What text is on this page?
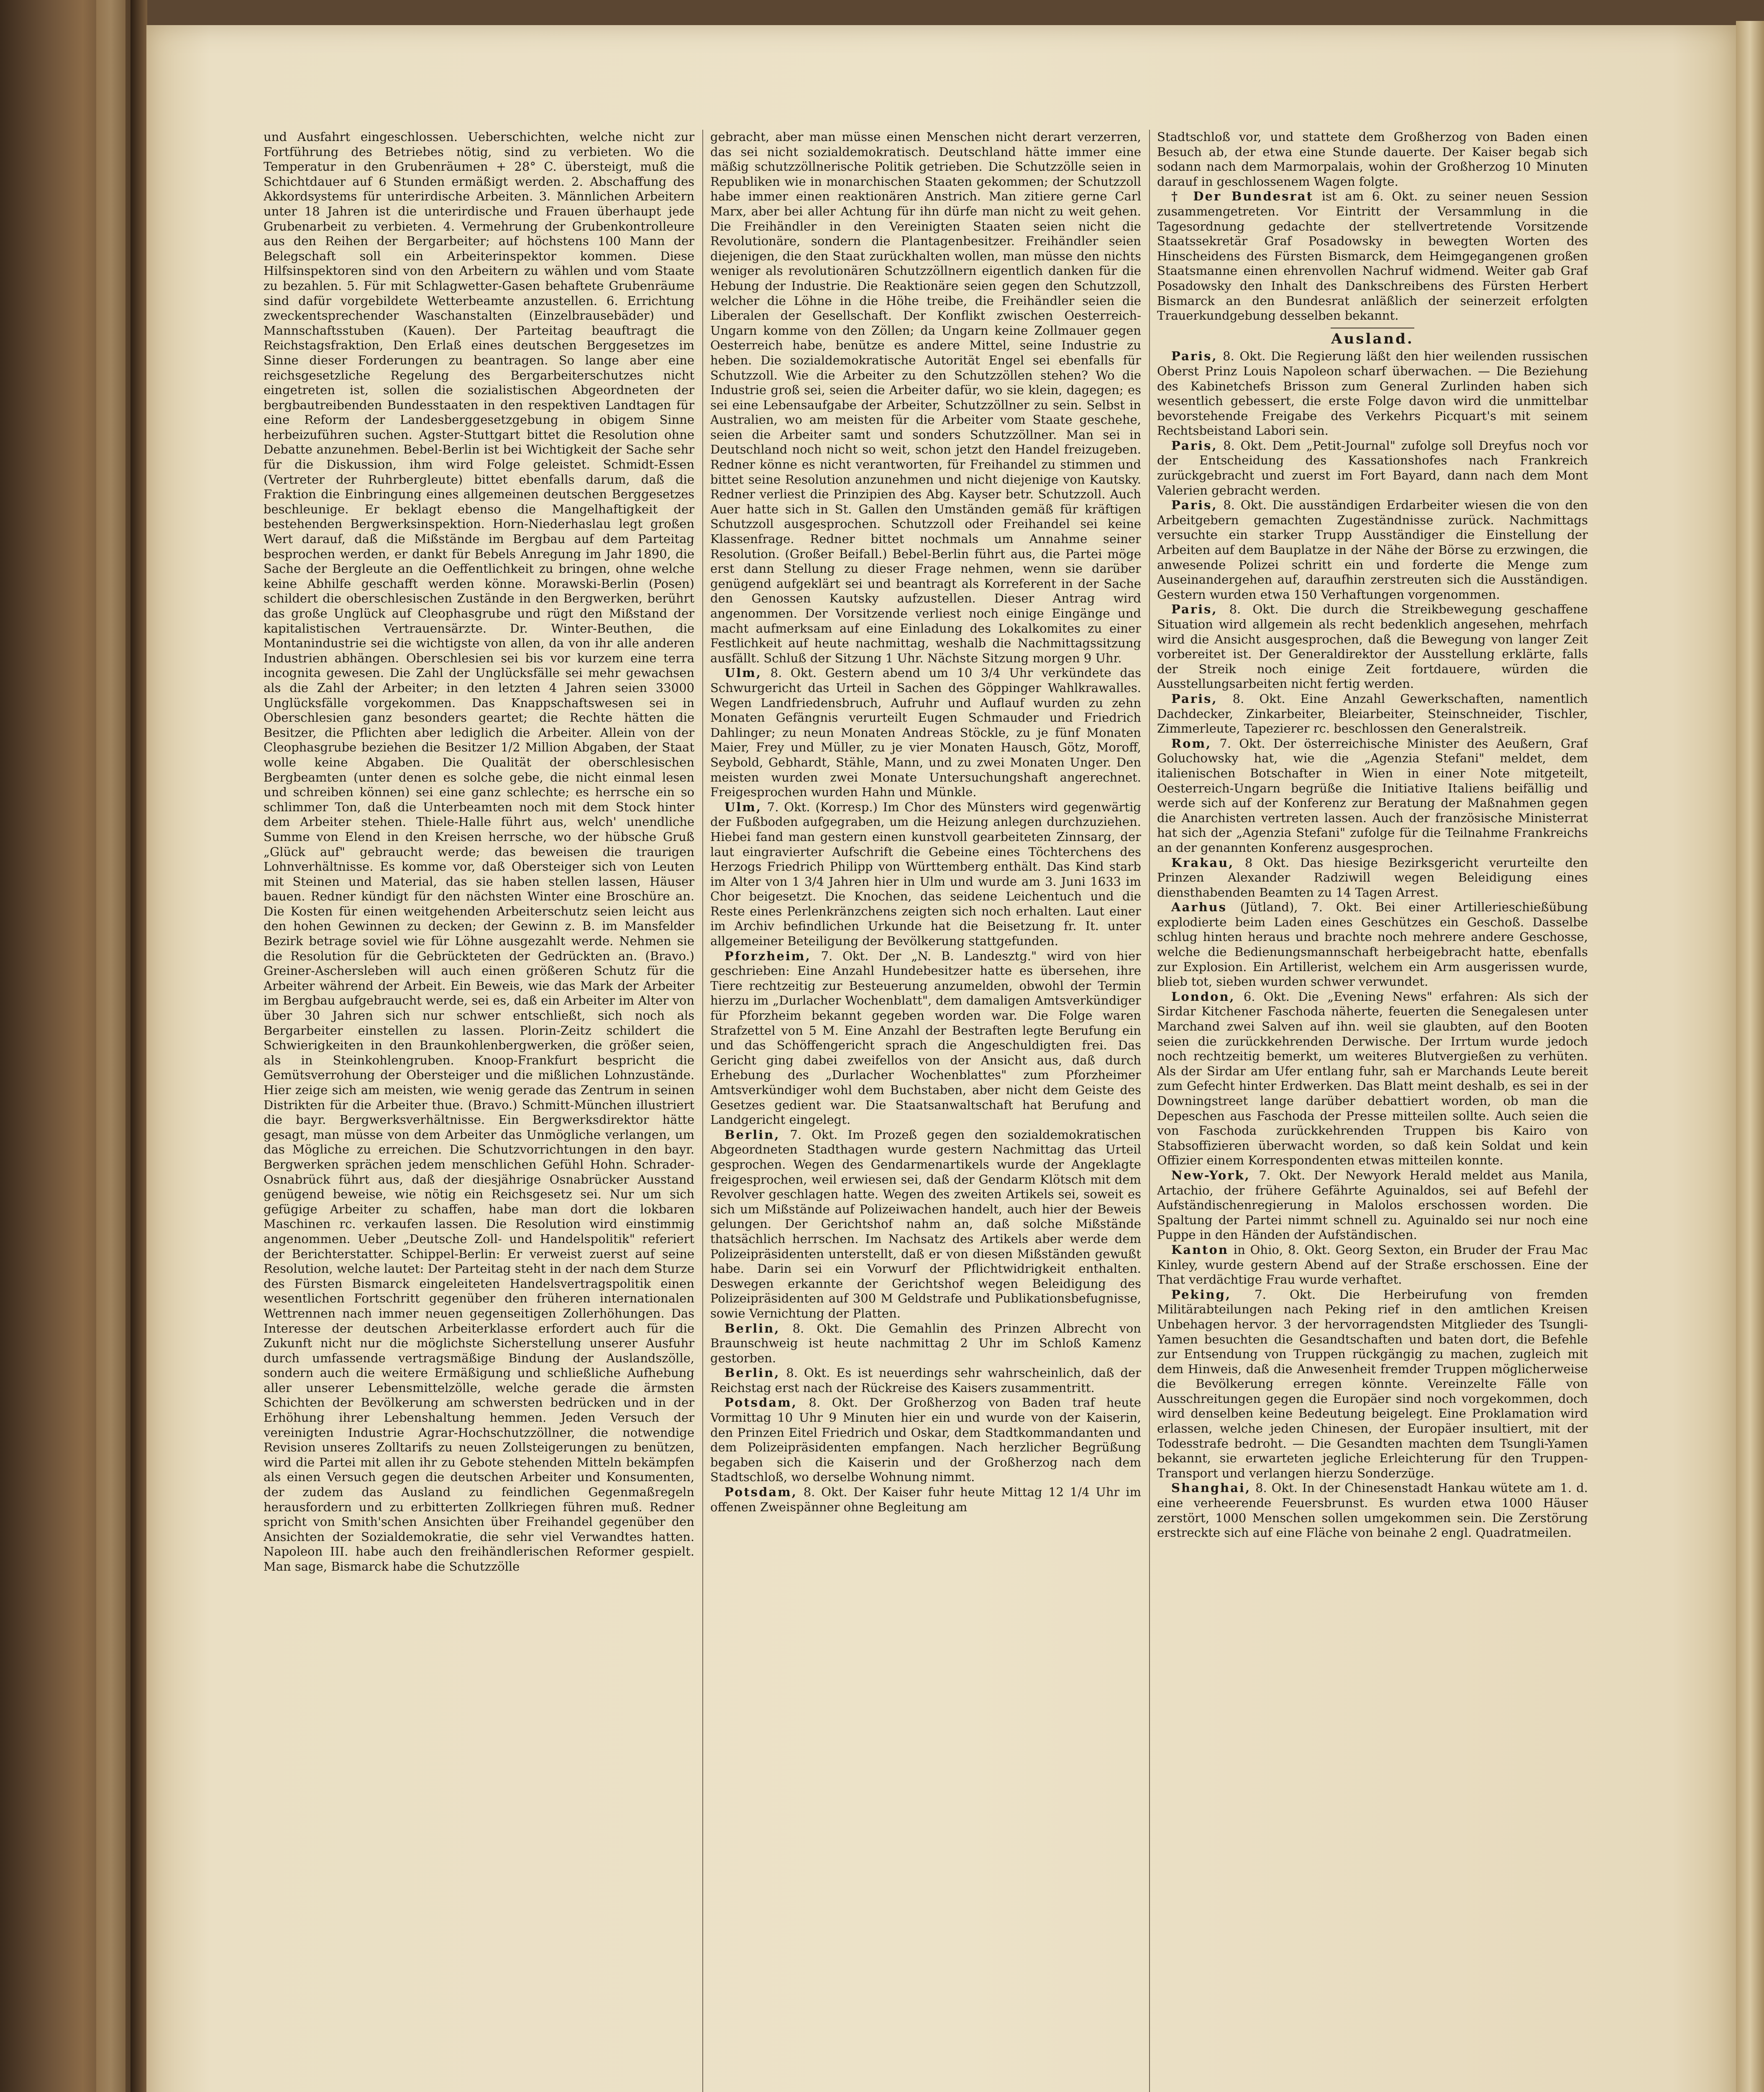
und Ausfahrt eingeschlossen. Ueberschichten, welche nicht zur Fortführung des Betriebes nötig, sind zu verbieten. Wo die Temperatur in den Grubenräumen + 28° C. übersteigt, muß die Schichtdauer auf 6 Stunden ermäßigt werden. 2. Abschaffung des Akkordsystems für unterirdische Arbeiten. 3. Männlichen Arbeitern unter 18 Jahren ist die unterirdische und Frauen überhaupt jede Grubenarbeit zu verbieten. 4. Vermehrung der Grubenkontrolleure aus den Reihen der Bergarbeiter; auf höchstens 100 Mann der Belegschaft soll ein Arbeiterinspektor kommen. Diese Hilfsinspektoren sind von den Arbeitern zu wählen und vom Staate zu bezahlen. 5. Für mit Schlagwetter-Gasen behaftete Grubenräume sind dafür vorgebildete Wetterbeamte anzustellen. 6. Errichtung zweckentsprechender Waschanstalten (Einzelbrausebäder) und Mannschaftsstuben (Kauen). Der Parteitag beauftragt die Reichstagsfraktion, Den Erlaß eines deutschen Berggesetzes im Sinne dieser Forderungen zu beantragen. So lange aber eine reichsgesetzliche Regelung des Bergarbeiterschutzes nicht eingetreten ist, sollen die sozialistischen Abgeordneten der bergbautreibenden Bundesstaaten in den respektiven Landtagen für eine Reform der Landesberggesetzgebung in obigem Sinne herbeizuführen suchen. Agster-Stuttgart bittet die Resolution ohne Debatte anzunehmen. Bebel-Berlin ist bei Wichtigkeit der Sache sehr für die Diskussion, ihm wird Folge geleistet. Schmidt-Essen (Vertreter der Ruhrbergleute) bittet ebenfalls darum, daß die Fraktion die Einbringung eines allgemeinen deutschen Berggesetzes beschleunige. Er beklagt ebenso die Mangelhaftigkeit der bestehenden Bergwerksinspektion. Horn-Niederhaslau legt großen Wert darauf, daß die Mißstände im Bergbau auf dem Parteitag besprochen werden, er dankt für Bebels Anregung im Jahr 1890, die Sache der Bergleute an die Oeffentlichkeit zu bringen, ohne welche keine Abhilfe geschafft werden könne. Morawski-Berlin (Posen) schildert die oberschlesischen Zustände in den Bergwerken, berührt das große Unglück auf Cleophasgrube und rügt den Mißstand der kapitalistischen Vertrauensärzte. Dr. Winter-Beuthen, die Montanindustrie sei die wichtigste von allen, da von ihr alle anderen Industrien abhängen. Oberschlesien sei bis vor kurzem eine terra incognita gewesen. Die Zahl der Unglücksfälle sei mehr gewachsen als die Zahl der Arbeiter; in den letzten 4 Jahren seien 33000 Unglücksfälle vorgekommen. Das Knappschaftswesen sei in Oberschlesien ganz besonders geartet; die Rechte hätten die Besitzer, die Pflichten aber lediglich die Arbeiter. Allein von der Cleophasgrube beziehen die Besitzer 1/2 Million Abgaben, der Staat wolle keine Abgaben. Die Qualität der oberschlesischen Bergbeamten (unter denen es solche gebe, die nicht einmal lesen und schreiben können) sei eine ganz schlechte; es herrsche ein so schlimmer Ton, daß die Unterbeamten noch mit dem Stock hinter dem Arbeiter stehen. Thiele-Halle führt aus, welch' unendliche Summe von Elend in den Kreisen herrsche, wo der hübsche Gruß „Glück auf" gebraucht werde; das beweisen die traurigen Lohnverhältnisse. Es komme vor, daß Obersteiger sich von Leuten mit Steinen und Material, das sie haben stellen lassen, Häuser bauen. Redner kündigt für den nächsten Winter eine Broschüre an. Die Kosten für einen weitgehenden Arbeiterschutz seien leicht aus den hohen Gewinnen zu decken; der Gewinn z. B. im Mansfelder Bezirk betrage soviel wie für Löhne ausgezahlt werde. Nehmen sie die Resolution für die Gebrückteten der Gedrückten an. (Bravo.) Greiner-Aschersleben will auch einen größeren Schutz für die Arbeiter während der Arbeit. Ein Beweis, wie das Mark der Arbeiter im Bergbau aufgebraucht werde, sei es, daß ein Arbeiter im Alter von über 30 Jahren sich nur schwer entschließt, sich noch als Bergarbeiter einstellen zu lassen. Plorin-Zeitz schildert die Schwierigkeiten in den Braunkohlenbergwerken, die größer seien, als in Steinkohlengruben. Knoop-Frankfurt bespricht die Gemütsverrohung der Obersteiger und die mißlichen Lohnzustände. Hier zeige sich am meisten, wie wenig gerade das Zentrum in seinen Distrikten für die Arbeiter thue. (Bravo.) Schmitt-München illustriert die bayr. Bergwerksverhältnisse. Ein Bergwerksdirektor hätte gesagt, man müsse von dem Arbeiter das Unmögliche verlangen, um das Mögliche zu erreichen. Die Schutzvorrichtungen in den bayr. Bergwerken sprächen jedem menschlichen Gefühl Hohn. Schrader-Osnabrück führt aus, daß der diesjährige Osnabrücker Ausstand genügend beweise, wie nötig ein Reichsgesetz sei. Nur um sich gefügige Arbeiter zu schaffen, habe man dort die lokbaren Maschinen rc. verkaufen lassen. Die Resolution wird einstimmig angenommen. Ueber „Deutsche Zoll- und Handelspolitik" referiert der Berichterstatter. Schippel-Berlin: Er verweist zuerst auf seine Resolution, welche lautet: Der Parteitag steht in der nach dem Sturze des Fürsten Bismarck eingeleiteten Handelsvertragspolitik einen wesentlichen Fortschritt gegenüber den früheren internationalen Wettrennen nach immer neuen gegenseitigen Zollerhöhungen. Das Interesse der deutschen Arbeiterklasse erfordert auch für die Zukunft nicht nur die möglichste Sicherstellung unserer Ausfuhr durch umfassende vertragsmäßige Bindung der Auslandszölle, sondern auch die weitere Ermäßigung und schließliche Aufhebung aller unserer Lebensmittelzölle, welche gerade die ärmsten Schichten der Bevölkerung am schwersten bedrücken und in der Erhöhung ihrer Lebenshaltung hemmen. Jeden Versuch der vereinigten Industrie Agrar-Hochschutzzöllner, die notwendige Revision unseres Zolltarifs zu neuen Zollsteigerungen zu benützen, wird die Partei mit allen ihr zu Gebote stehenden Mitteln bekämpfen als einen Versuch gegen die deutschen Arbeiter und Konsumenten, der zudem das Ausland zu feindlichen Gegenmaßregeln herausfordern und zu erbitterten Zollkriegen führen muß. Redner spricht von Smith'schen Ansichten über Freihandel gegenüber den Ansichten der Sozialdemokratie, die sehr viel Verwandtes hatten. Napoleon III. habe auch den freihändlerischen Reformer gespielt. Man sage, Bismarck habe die Schutzzölle

gebracht, aber man müsse einen Menschen nicht derart verzerren, das sei nicht sozialdemokratisch. Deutschland hätte immer eine mäßig schutzzöllnerische Politik getrieben. Die Schutzzölle seien in Republiken wie in monarchischen Staaten gekommen; der Schutzzoll habe immer einen reaktionären Anstrich. Man zitiere gerne Carl Marx, aber bei aller Achtung für ihn dürfe man nicht zu weit gehen. Die Freihändler in den Vereinigten Staaten seien nicht die Revolutionäre, sondern die Plantagenbesitzer. Freihändler seien diejenigen, die den Staat zurückhalten wollen, man müsse den nichts weniger als revolutionären Schutzzöllnern eigentlich danken für die Hebung der Industrie. Die Reaktionäre seien gegen den Schutzzoll, welcher die Löhne in die Höhe treibe, die Freihändler seien die Liberalen der Gesellschaft. Der Konflikt zwischen Oesterreich-Ungarn komme von den Zöllen; da Ungarn keine Zollmauer gegen Oesterreich habe, benütze es andere Mittel, seine Industrie zu heben. Die sozialdemokratische Autorität Engel sei ebenfalls für Schutzzoll. Wie die Arbeiter zu den Schutzzöllen stehen? Wo die Industrie groß sei, seien die Arbeiter dafür, wo sie klein, dagegen; es sei eine Lebensaufgabe der Arbeiter, Schutzzöllner zu sein. Selbst in Australien, wo am meisten für die Arbeiter vom Staate geschehe, seien die Arbeiter samt und sonders Schutzzöllner. Man sei in Deutschland noch nicht so weit, schon jetzt den Handel freizugeben. Redner könne es nicht verantworten, für Freihandel zu stimmen und bittet seine Resolution anzunehmen und nicht diejenige von Kautsky. Redner verliest die Prinzipien des Abg. Kayser betr. Schutzzoll. Auch Auer hatte sich in St. Gallen den Umständen gemäß für kräftigen Schutzzoll ausgesprochen. Schutzzoll oder Freihandel sei keine Klassenfrage. Redner bittet nochmals um Annahme seiner Resolution. (Großer Beifall.) Bebel-Berlin führt aus, die Partei möge erst dann Stellung zu dieser Frage nehmen, wenn sie darüber genügend aufgeklärt sei und beantragt als Korreferent in der Sache den Genossen Kautsky aufzustellen. Dieser Antrag wird angenommen. Der Vorsitzende verliest noch einige Eingänge und macht aufmerksam auf eine Einladung des Lokalkomites zu einer Festlichkeit auf heute nachmittag, weshalb die Nachmittagssitzung ausfällt. Schluß der Sitzung 1 Uhr. Nächste Sitzung morgen 9 Uhr.

Ulm, 8. Okt. Gestern abend um 10 3/4 Uhr verkündete das Schwurgericht das Urteil in Sachen des Göppinger Wahlkrawalles. Wegen Landfriedensbruch, Aufruhr und Auflauf wurden zu zehn Monaten Gefängnis verurteilt Eugen Schmauder und Friedrich Dahlinger; zu neun Monaten Andreas Stöckle, zu je fünf Monaten Maier, Frey und Müller, zu je vier Monaten Hausch, Götz, Moroff, Seybold, Gebhardt, Stähle, Mann, und zu zwei Monaten Unger. Den meisten wurden zwei Monate Untersuchungshaft angerechnet. Freigesprochen wurden Hahn und Münkle.

Ulm, 7. Okt. (Korresp.) Im Chor des Münsters wird gegenwärtig der Fußboden aufgegraben, um die Heizung anlegen durchzuziehen. Hiebei fand man gestern einen kunstvoll gearbeiteten Zinnsarg, der laut eingravierter Aufschrift die Gebeine eines Töchterchens des Herzogs Friedrich Philipp von Württemberg enthält. Das Kind starb im Alter von 1 3/4 Jahren hier in Ulm und wurde am 3. Juni 1633 im Chor beigesetzt. Die Knochen, das seidene Leichentuch und die Reste eines Perlenkränzchens zeigten sich noch erhalten. Laut einer im Archiv befindlichen Urkunde hat die Beisetzung fr. It. unter allgemeiner Beteiligung der Bevölkerung stattgefunden.

Pforzheim, 7. Okt. Der „N. B. Landesztg." wird von hier geschrieben: Eine Anzahl Hundebesitzer hatte es übersehen, ihre Tiere rechtzeitig zur Besteuerung anzumelden, obwohl der Termin hierzu im „Durlacher Wochenblatt", dem damaligen Amtsverkündiger für Pforzheim bekannt gegeben worden war. Die Folge waren Strafzettel von 5 M. Eine Anzahl der Bestraften legte Berufung ein und das Schöffengericht sprach die Angeschuldigten frei. Das Gericht ging dabei zweifellos von der Ansicht aus, daß durch Erhebung des „Durlacher Wochenblattes" zum Pforzheimer Amtsverkündiger wohl dem Buchstaben, aber nicht dem Geiste des Gesetzes gedient war. Die Staatsanwaltschaft hat Berufung and Landgericht eingelegt.

Berlin, 7. Okt. Im Prozeß gegen den sozialdemokratischen Abgeordneten Stadthagen wurde gestern Nachmittag das Urteil gesprochen. Wegen des Gendarmenartikels wurde der Angeklagte freigesprochen, weil erwiesen sei, daß der Gendarm Klötsch mit dem Revolver geschlagen hatte. Wegen des zweiten Artikels sei, soweit es sich um Mißstände auf Polizeiwachen handelt, auch hier der Beweis gelungen. Der Gerichtshof nahm an, daß solche Mißstände thatsächlich herrschen. Im Nachsatz des Artikels aber werde dem Polizeipräsidenten unterstellt, daß er von diesen Mißständen gewußt habe. Darin sei ein Vorwurf der Pflichtwidrigkeit enthalten. Deswegen erkannte der Gerichtshof wegen Beleidigung des Polizeipräsidenten auf 300 M Geldstrafe und Publikationsbefugnisse, sowie Vernichtung der Platten.

Berlin, 8. Okt. Die Gemahlin des Prinzen Albrecht von Braunschweig ist heute nachmittag 2 Uhr im Schloß Kamenz gestorben.

Berlin, 8. Okt. Es ist neuerdings sehr wahrscheinlich, daß der Reichstag erst nach der Rückreise des Kaisers zusammentritt.

Potsdam, 8. Okt. Der Großherzog von Baden traf heute Vormittag 10 Uhr 9 Minuten hier ein und wurde von der Kaiserin, den Prinzen Eitel Friedrich und Oskar, dem Stadtkommandanten und dem Polizeipräsidenten empfangen. Nach herzlicher Begrüßung begaben sich die Kaiserin und der Großherzog nach dem Stadtschloß, wo derselbe Wohnung nimmt.

Potsdam, 8. Okt. Der Kaiser fuhr heute Mittag 12 1/4 Uhr im offenen Zweispänner ohne Begleitung am

Stadtschloß vor, und stattete dem Großherzog von Baden einen Besuch ab, der etwa eine Stunde dauerte. Der Kaiser begab sich sodann nach dem Marmorpalais, wohin der Großherzog 10 Minuten darauf in geschlossenem Wagen folgte.

† Der Bundesrat ist am 6. Okt. zu seiner neuen Session zusammengetreten. Vor Eintritt der Versammlung in die Tagesordnung gedachte der stellvertretende Vorsitzende Staatssekretär Graf Posadowsky in bewegten Worten des Hinscheidens des Fürsten Bismarck, dem Heimgegangenen großen Staatsmanne einen ehrenvollen Nachruf widmend. Weiter gab Graf Posadowsky den Inhalt des Dankschreibens des Fürsten Herbert Bismarck an den Bundesrat anläßlich der seinerzeit erfolgten Trauerkundgebung desselben bekannt.

Ausland.

Paris, 8. Okt. Die Regierung läßt den hier weilenden russischen Oberst Prinz Louis Napoleon scharf überwachen. — Die Beziehung des Kabinetchefs Brisson zum General Zurlinden haben sich wesentlich gebessert, die erste Folge davon wird die unmittelbar bevorstehende Freigabe des Verkehrs Picquart's mit seinem Rechtsbeistand Labori sein.

Paris, 8. Okt. Dem „Petit-Journal" zufolge soll Dreyfus noch vor der Entscheidung des Kassationshofes nach Frankreich zurückgebracht und zuerst im Fort Bayard, dann nach dem Mont Valerien gebracht werden.

Paris, 8. Okt. Die ausständigen Erdarbeiter wiesen die von den Arbeitgebern gemachten Zugeständnisse zurück. Nachmittags versuchte ein starker Trupp Ausständiger die Einstellung der Arbeiten auf dem Bauplatze in der Nähe der Börse zu erzwingen, die anwesende Polizei schritt ein und forderte die Menge zum Auseinandergehen auf, daraufhin zerstreuten sich die Ausständigen. Gestern wurden etwa 150 Verhaftungen vorgenommen.

Paris, 8. Okt. Die durch die Streikbewegung geschaffene Situation wird allgemein als recht bedenklich angesehen, mehrfach wird die Ansicht ausgesprochen, daß die Bewegung von langer Zeit vorbereitet ist. Der Generaldirektor der Ausstellung erklärte, falls der Streik noch einige Zeit fortdauere, würden die Ausstellungsarbeiten nicht fertig werden.

Paris, 8. Okt. Eine Anzahl Gewerkschaften, namentlich Dachdecker, Zinkarbeiter, Bleiarbeiter, Steinschneider, Tischler, Zimmerleute, Tapezierer rc. beschlossen den Generalstreik.

Rom, 7. Okt. Der österreichische Minister des Aeußern, Graf Goluchowsky hat, wie die „Agenzia Stefani" meldet, dem italienischen Botschafter in Wien in einer Note mitgeteilt, Oesterreich-Ungarn begrüße die Initiative Italiens beifällig und werde sich auf der Konferenz zur Beratung der Maßnahmen gegen die Anarchisten vertreten lassen. Auch der französische Ministerrat hat sich der „Agenzia Stefani" zufolge für die Teilnahme Frankreichs an der genannten Konferenz ausgesprochen.

Krakau, 8 Okt. Das hiesige Bezirksgericht verurteilte den Prinzen Alexander Radziwill wegen Beleidigung eines diensthabenden Beamten zu 14 Tagen Arrest.

Aarhus (Jütland), 7. Okt. Bei einer Artillerieschießübung explodierte beim Laden eines Geschützes ein Geschoß. Dasselbe schlug hinten heraus und brachte noch mehrere andere Geschosse, welche die Bedienungsmannschaft herbeigebracht hatte, ebenfalls zur Explosion. Ein Artillerist, welchem ein Arm ausgerissen wurde, blieb tot, sieben wurden schwer verwundet.

London, 6. Okt. Die „Evening News" erfahren: Als sich der Sirdar Kitchener Faschoda näherte, feuerten die Senegalesen unter Marchand zwei Salven auf ihn. weil sie glaubten, auf den Booten seien die zurückkehrenden Derwische. Der Irrtum wurde jedoch noch rechtzeitig bemerkt, um weiteres Blutvergießen zu verhüten. Als der Sirdar am Ufer entlang fuhr, sah er Marchands Leute bereit zum Gefecht hinter Erdwerken. Das Blatt meint deshalb, es sei in der Downingstreet lange darüber debattiert worden, ob man die Depeschen aus Faschoda der Presse mitteilen sollte. Auch seien die von Faschoda zurückkehrenden Truppen bis Kairo von Stabsoffizieren überwacht worden, so daß kein Soldat und kein Offizier einem Korrespondenten etwas mitteilen konnte.

New-York, 7. Okt. Der Newyork Herald meldet aus Manila, Artachio, der frühere Gefährte Aguinaldos, sei auf Befehl der Aufständischenregierung in Malolos erschossen worden. Die Spaltung der Partei nimmt schnell zu. Aguinaldo sei nur noch eine Puppe in den Händen der Aufständischen.

Kanton in Ohio, 8. Okt. Georg Sexton, ein Bruder der Frau Mac Kinley, wurde gestern Abend auf der Straße erschossen. Eine der That verdächtige Frau wurde verhaftet.

Peking, 7. Okt. Die Herbeirufung von fremden Militärabteilungen nach Peking rief in den amtlichen Kreisen Unbehagen hervor. 3 der hervorragendsten Mitglieder des Tsungli-Yamen besuchten die Gesandtschaften und baten dort, die Befehle zur Entsendung von Truppen rückgängig zu machen, zugleich mit dem Hinweis, daß die Anwesenheit fremder Truppen möglicherweise die Bevölkerung erregen könnte. Vereinzelte Fälle von Ausschreitungen gegen die Europäer sind noch vorgekommen, doch wird denselben keine Bedeutung beigelegt. Eine Proklamation wird erlassen, welche jeden Chinesen, der Europäer insultiert, mit der Todesstrafe bedroht. — Die Gesandten machten dem Tsungli-Yamen bekannt, sie erwarteten jegliche Erleichterung für den Truppen-Transport und verlangen hierzu Sonderzüge.

Shanghai, 8. Okt. In der Chinesenstadt Hankau wütete am 1. d. eine verheerende Feuersbrunst. Es wurden etwa 1000 Häuser zerstört, 1000 Menschen sollen umgekommen sein. Die Zerstörung erstreckte sich auf eine Fläche von beinahe 2 engl. Quadratmeilen.
